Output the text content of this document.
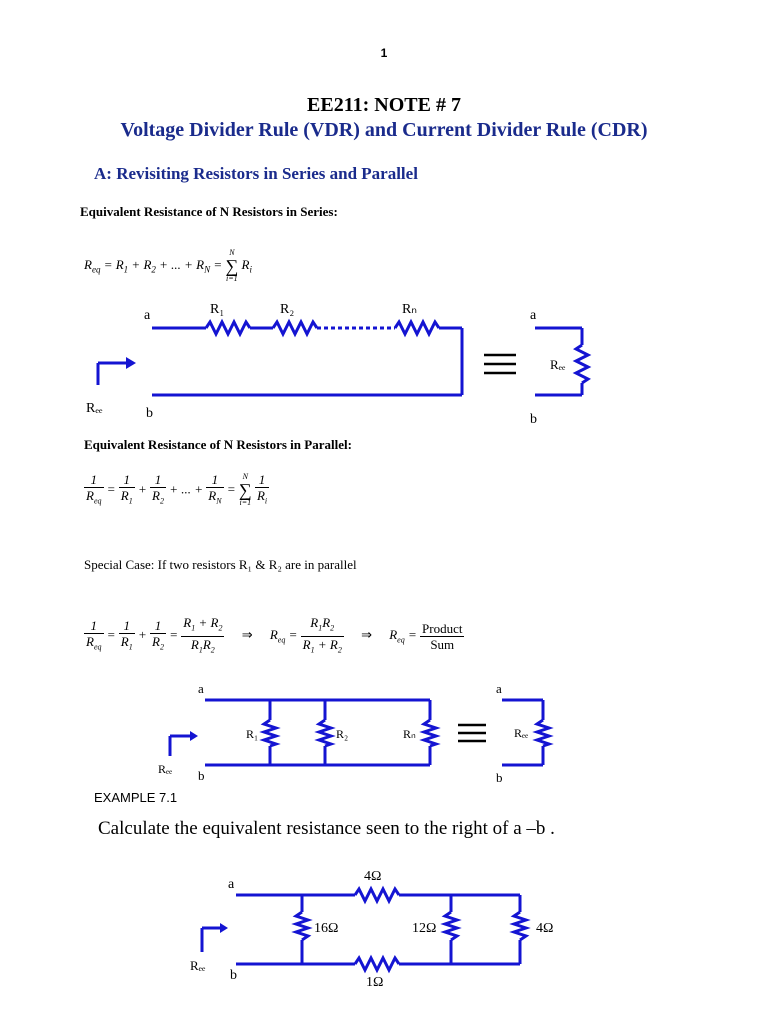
1
EE211: NOTE # 7
Voltage Divider Rule (VDR) and Current Divider Rule (CDR)
A: Revisiting Resistors in Series and Parallel
Equivalent Resistance of N Resistors in Series:
$R_{eq} = R_1 + R_2$ + ... + $R_N$ =
N
∑
i=1
$R_i$
a
b
R₁	R₂	Rₙ
Rₑₑ
a
b
Rₑₑ
Equivalent Resistance of N Resistors in Parallel:
$\frac{1}{R_{eq}} = \frac{1}{R_1} + \frac{1}{R_2}$ + ... + $\frac{1}{R_N}$ =
N
∑
i=1
$\frac{1}{R_i}$
Special Case: If two resistors R₁ & R₂ are in parallel
$\frac{1}{R_{eq}} = \frac{1}{R_1} + \frac{1}{R_2} = \frac{R_1 + R_2}{R_1R_2}$ ⇒ $R_{eq} = \frac{R_1R_2}{R_1 + R_2}$ ⇒ $R_{eq} = \frac{\text{Product}}{\text{Sum}}$
a
b
R₁	R₂	Rₙ
Rₑₑ
a
b
Rₑₑ
EXAMPLE 7.1
Calculate the equivalent resistance seen to the right of a –b .
a
b
Rₑₑ
4Ω
16Ω	12Ω	4Ω
1Ω
